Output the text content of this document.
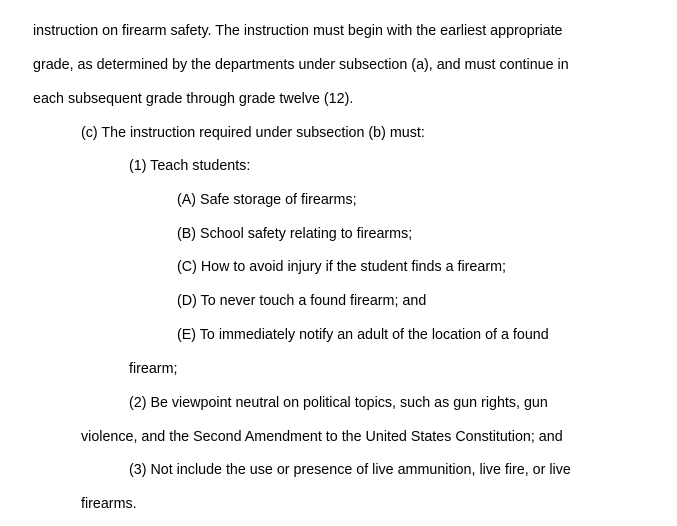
instruction on firearm safety. The instruction must begin with the earliest appropriate
grade, as determined by the departments under subsection (a), and must continue in
each subsequent grade through grade twelve (12).
(c) The instruction required under subsection (b) must:
(1) Teach students:
(A) Safe storage of firearms;
(B) School safety relating to firearms;
(C) How to avoid injury if the student finds a firearm;
(D) To never touch a found firearm; and
(E) To immediately notify an adult of the location of a found
firearm;
(2) Be viewpoint neutral on political topics, such as gun rights, gun
violence, and the Second Amendment to the United States Constitution; and
(3) Not include the use or presence of live ammunition, live fire, or live
firearms.
